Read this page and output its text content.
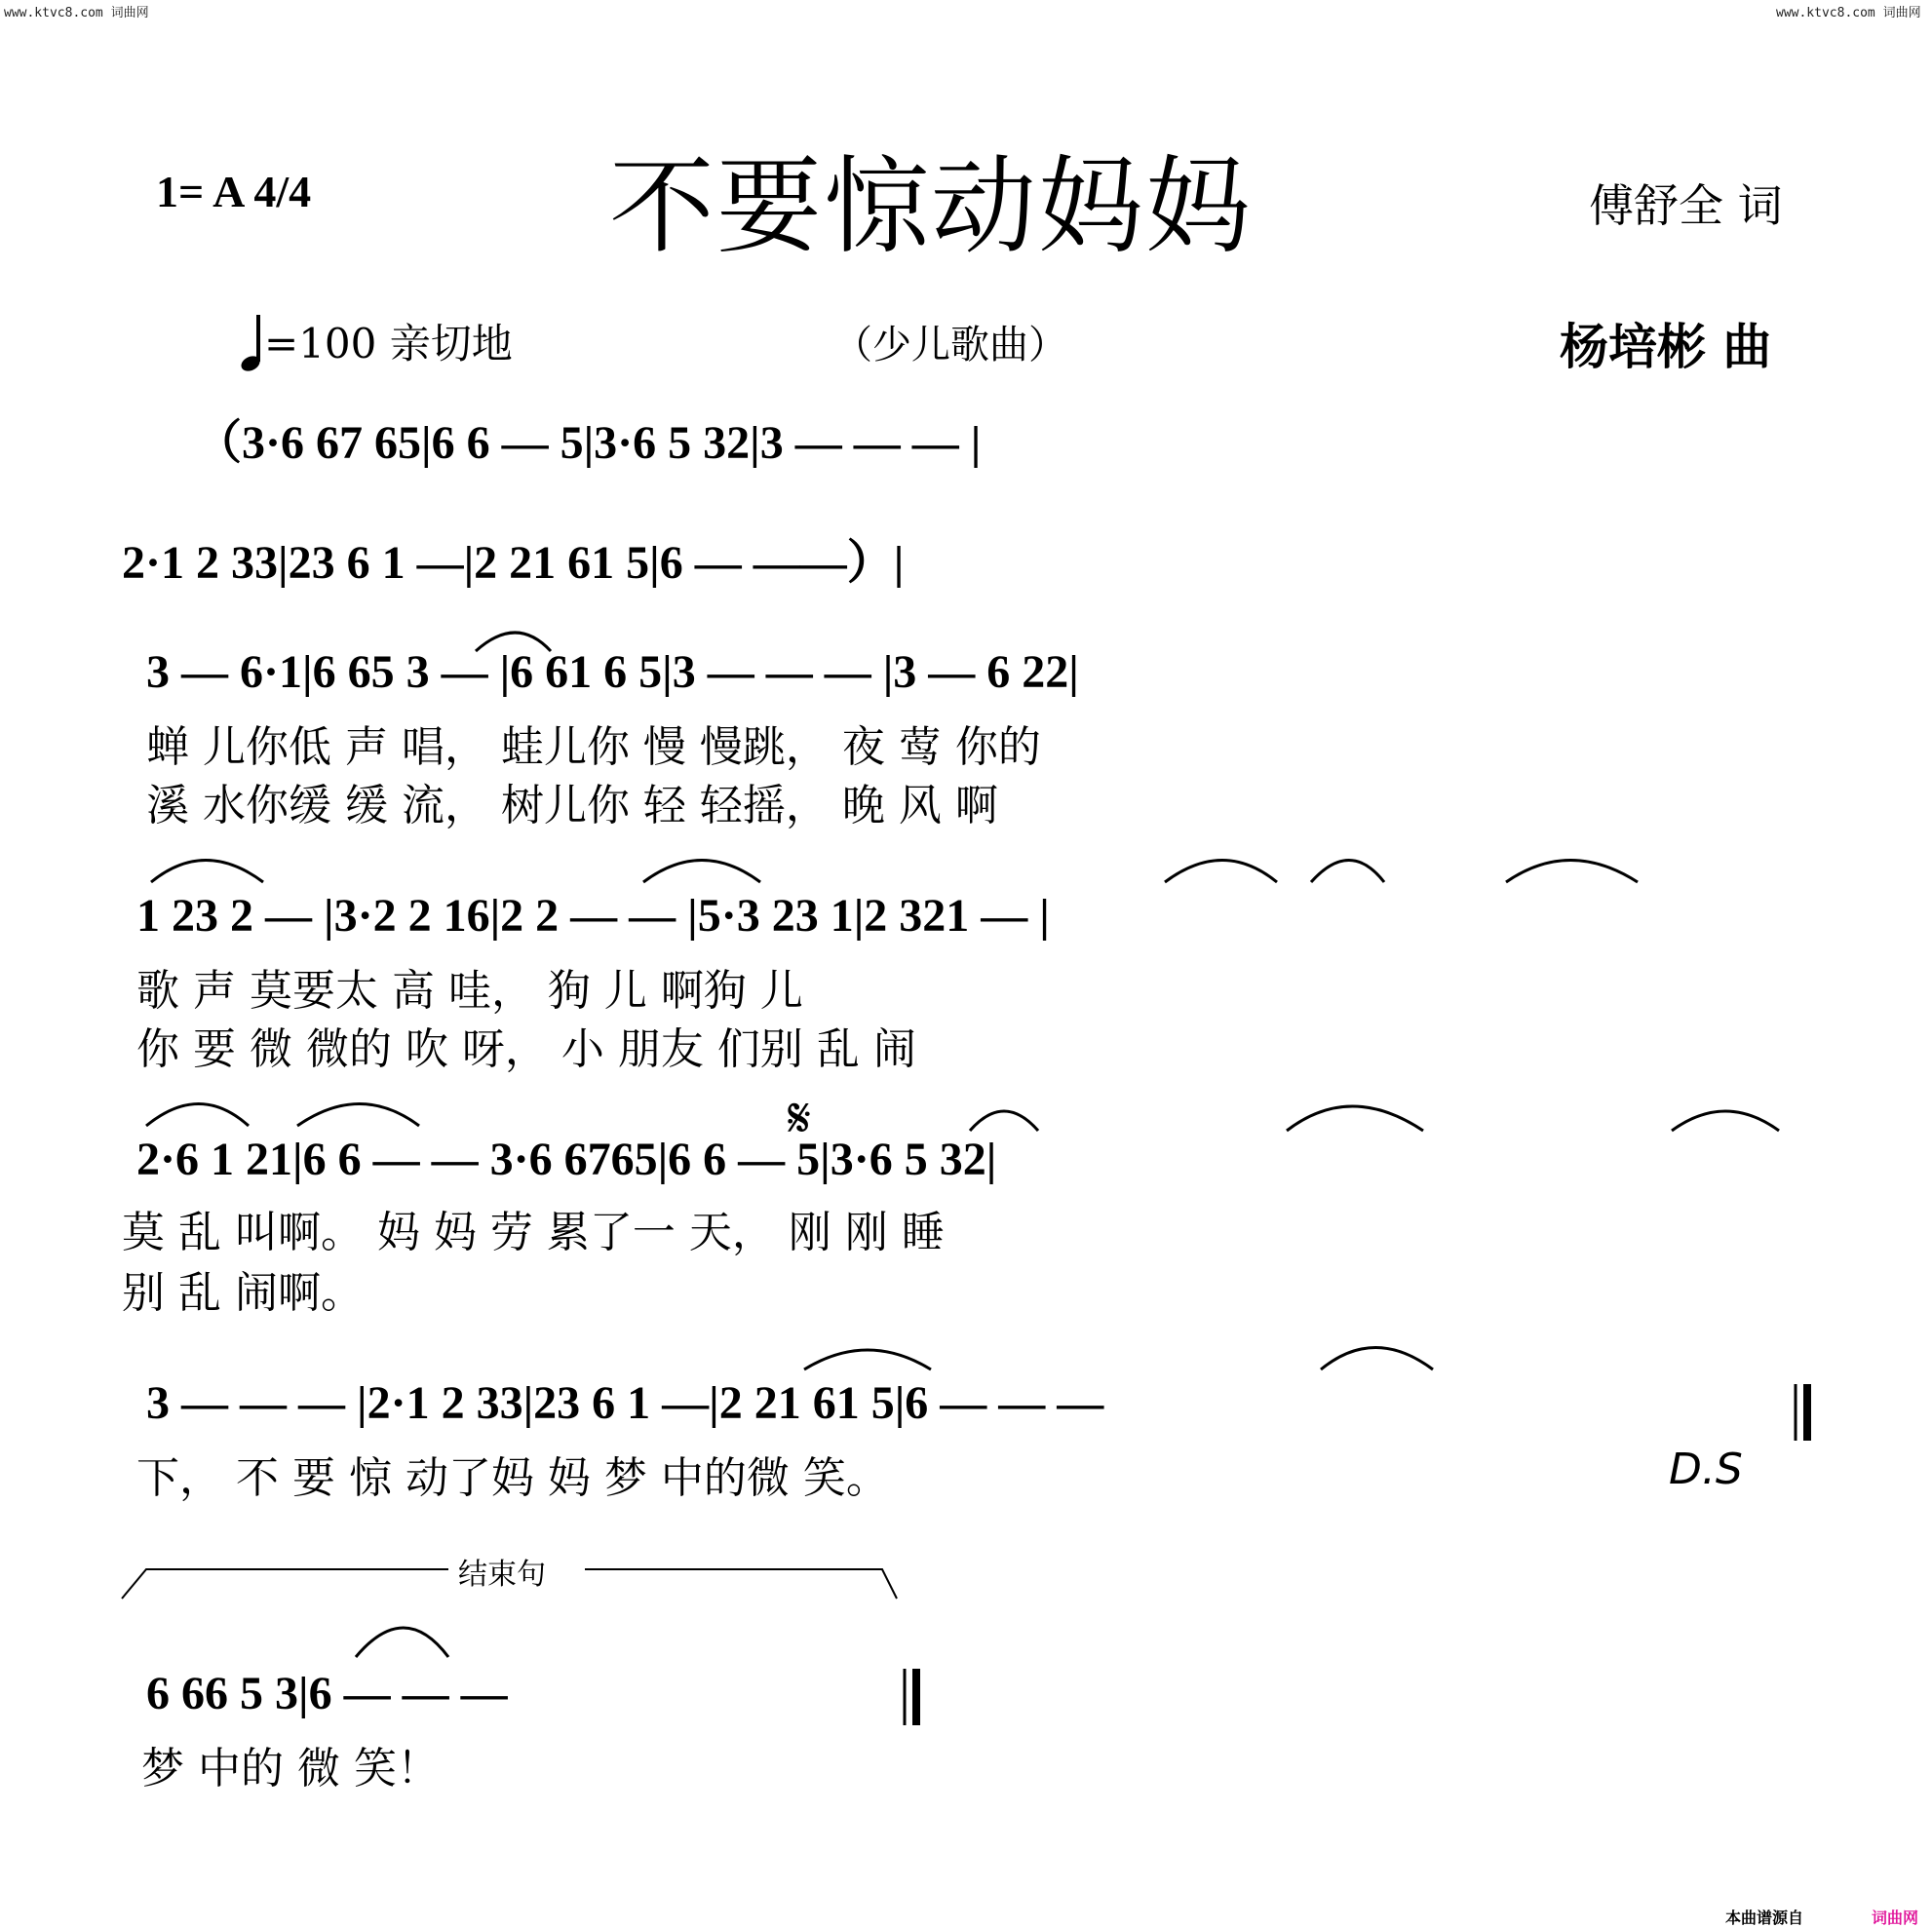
www.ktvc8.com 词曲网	www.ktvc8.com 词曲网
1= A 4/4	不要惊动妈妈	傅舒全 词
杨培彬 曲
=100 亲切地	（少儿歌曲）
（3·6 67 65|6 6 — 5|3·6 5 32|3 — — — |
2·1 2 33|23 6 1 —|2 21 61 5|6 — ——）|
3 — 6·1|6 65 3 — |6 61 6 5|3 — — — |3 — 6 22|
蝉 儿你低 声 唱， 蛙儿你 慢 慢跳， 夜 莺 你的
溪 水你缓 缓 流， 树儿你 轻 轻摇， 晚 风 啊
1 23 2 — |3·2 2 16|2 2 — — |5·3 23 1|2 321 — |
歌 声 莫要太 高 哇， 狗 儿 啊狗 儿
你 要 微 微的 吹 呀， 小 朋友 们别 乱 闹
2·6 1 21|6 6 — — 3·6 6765|6 6 — 5|3·6 5 32|
𝄋
莫 乱 叫啊。 妈 妈 劳 累了一 天， 刚 刚 睡
别 乱 闹啊。
3 — — — |2·1 2 33|23 6 1 —|2 21 61 5|6 — — —
下， 不 要 惊 动了妈 妈 梦 中的微 笑。	D.S
结束句
6 66 5 3|6 — — —
梦 中的 微 笑！
本曲谱源自	词曲网
